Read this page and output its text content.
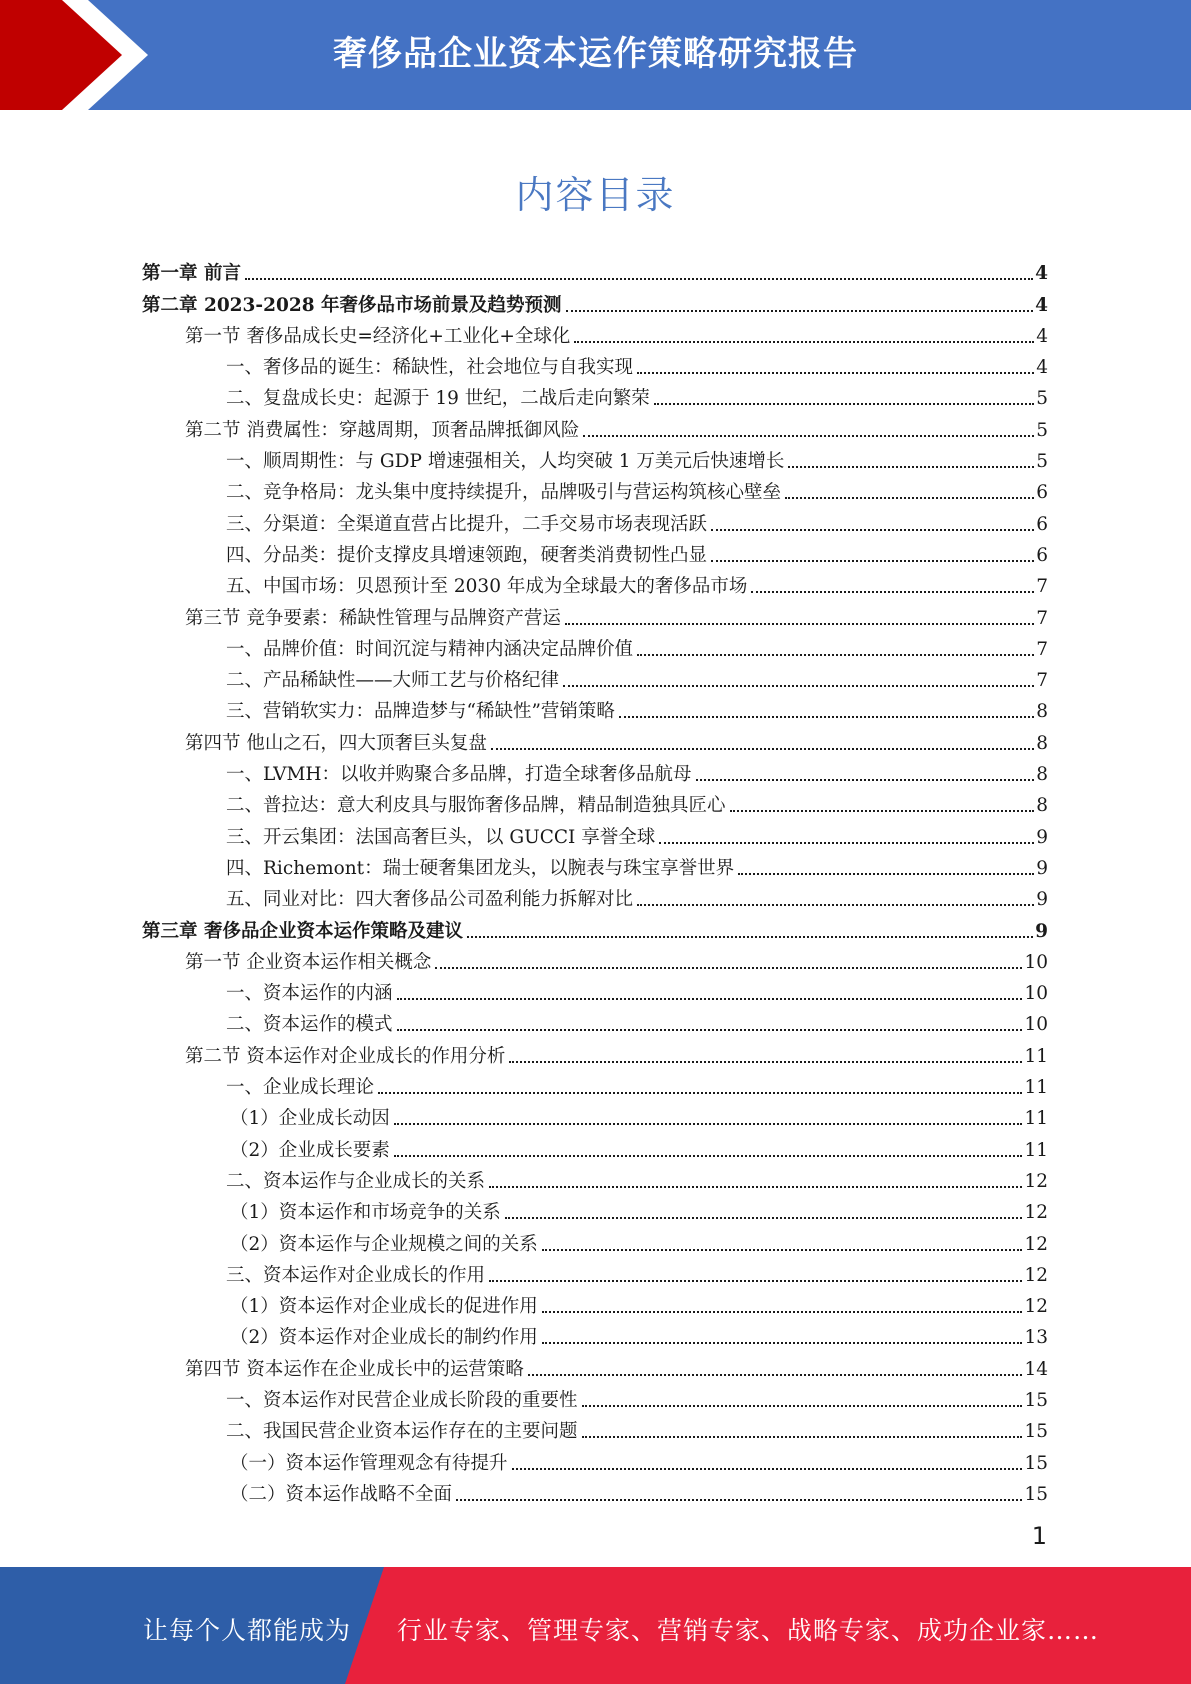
奢侈品企业资本运作策略研究报告
内容目录
第一章 前言	4
第二章 2023-2028 年奢侈品市场前景及趋势预测	4
第一节 奢侈品成长史=经济化+工业化+全球化	4
一、奢侈品的诞生：稀缺性，社会地位与自我实现	4
二、复盘成长史：起源于 19 世纪，二战后走向繁荣	5
第二节 消费属性：穿越周期，顶奢品牌抵御风险	5
一、顺周期性：与 GDP 增速强相关，人均突破 1 万美元后快速增长	5
二、竞争格局：龙头集中度持续提升，品牌吸引与营运构筑核心壁垒	6
三、分渠道：全渠道直营占比提升，二手交易市场表现活跃	6
四、分品类：提价支撑皮具增速领跑，硬奢类消费韧性凸显	6
五、中国市场：贝恩预计至 2030 年成为全球最大的奢侈品市场	7
第三节 竞争要素：稀缺性管理与品牌资产营运	7
一、品牌价值：时间沉淀与精神内涵决定品牌价值	7
二、产品稀缺性——大师工艺与价格纪律	7
三、营销软实力：品牌造梦与“稀缺性”营销策略	8
第四节 他山之石，四大顶奢巨头复盘	8
一、LVMH：以收并购聚合多品牌，打造全球奢侈品航母	8
二、普拉达：意大利皮具与服饰奢侈品牌，精品制造独具匠心	8
三、开云集团：法国高奢巨头，以 GUCCI 享誉全球	9
四、Richemont：瑞士硬奢集团龙头，以腕表与珠宝享誉世界	9
五、同业对比：四大奢侈品公司盈利能力拆解对比	9
第三章 奢侈品企业资本运作策略及建议	9
第一节 企业资本运作相关概念	10
一、资本运作的内涵	10
二、资本运作的模式	10
第二节 资本运作对企业成长的作用分析	11
一、企业成长理论	11
（1）企业成长动因	11
（2）企业成长要素	11
二、资本运作与企业成长的关系	12
（1）资本运作和市场竞争的关系	12
（2）资本运作与企业规模之间的关系	12
三、资本运作对企业成长的作用	12
（1）资本运作对企业成长的促进作用	12
（2）资本运作对企业成长的制约作用	13
第四节 资本运作在企业成长中的运营策略	14
一、资本运作对民营企业成长阶段的重要性	15
二、我国民营企业资本运作存在的主要问题	15
（一）资本运作管理观念有待提升	15
（二）资本运作战略不全面	15
1
让每个人都能成为 行业专家、管理专家、营销专家、战略专家、成功企业家……
